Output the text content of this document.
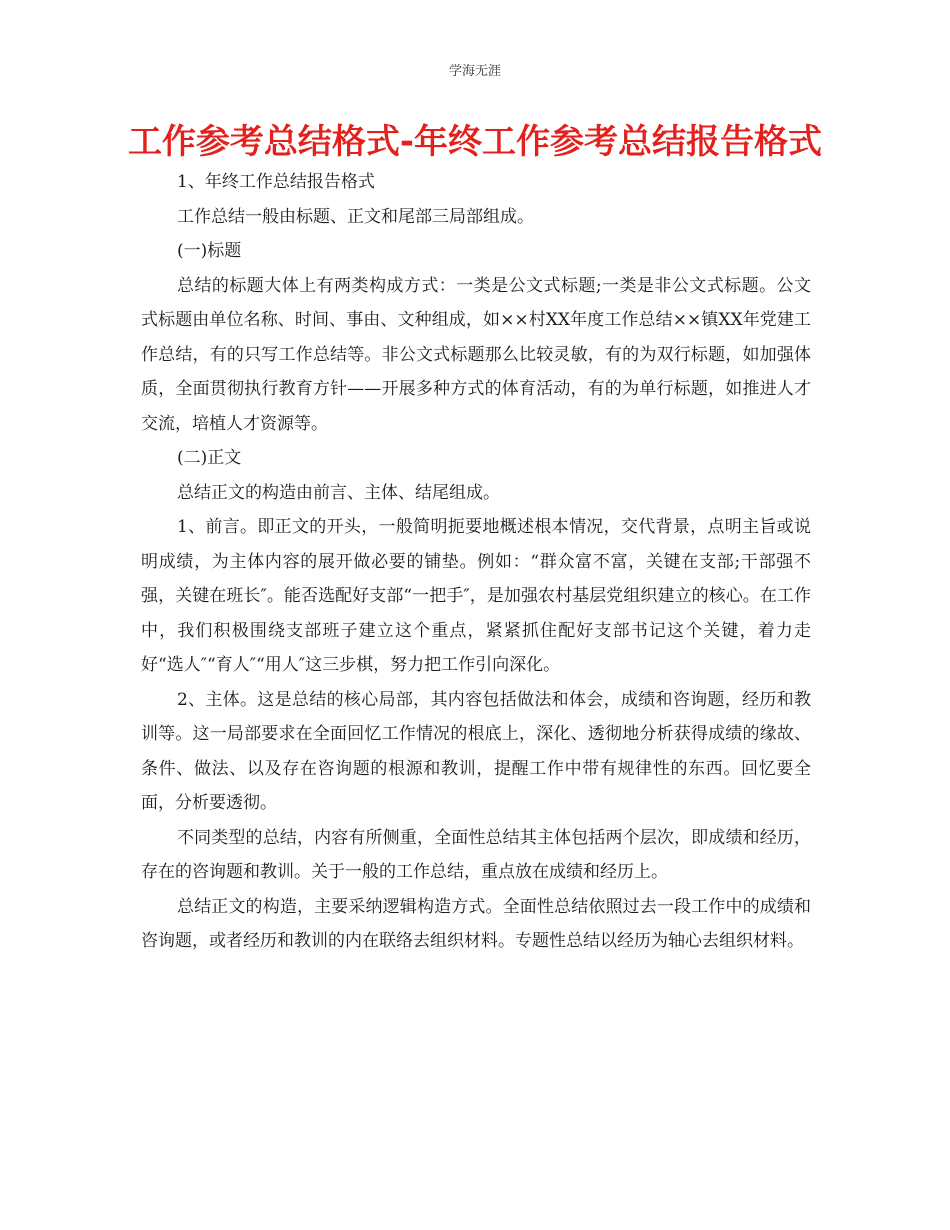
学海无涯
工作参考总结格式-年终工作参考总结报告格式

1、年终工作总结报告格式

工作总结一般由标题、正文和尾部三局部组成。

(一)标题

总结的标题大体上有两类构成方式：一类是公文式标题;一类是非公文式标题。公文式标题由单位名称、时间、事由、文种组成，如××村XX年度工作总结××镇XX年党建工作总结，有的只写工作总结等。非公文式标题那么比较灵敏，有的为双行标题，如加强体质，全面贯彻执行教育方针——开展多种方式的体育活动，有的为单行标题，如推进人才交流，培植人才资源等。

(二)正文

总结正文的构造由前言、主体、结尾组成。

1、前言。即正文的开头，一般简明扼要地概述根本情况，交代背景，点明主旨或说明成绩，为主体内容的展开做必要的铺垫。例如：“群众富不富，关键在支部;干部强不强，关键在班长″。能否选配好支部“一把手″，是加强农村基层党组织建立的核心。在工作中，我们积极围绕支部班子建立这个重点，紧紧抓住配好支部书记这个关键，着力走好“选人″“育人″“用人″这三步棋，努力把工作引向深化。

2、主体。这是总结的核心局部，其内容包括做法和体会，成绩和咨询题，经历和教训等。这一局部要求在全面回忆工作情况的根底上，深化、透彻地分析获得成绩的缘故、条件、做法、以及存在咨询题的根源和教训，提醒工作中带有规律性的东西。回忆要全面，分析要透彻。

不同类型的总结，内容有所侧重，全面性总结其主体包括两个层次，即成绩和经历，存在的咨询题和教训。关于一般的工作总结，重点放在成绩和经历上。

总结正文的构造，主要采纳逻辑构造方式。全面性总结依照过去一段工作中的成绩和咨询题，或者经历和教训的内在联络去组织材料。专题性总结以经历为轴心去组织材料。
